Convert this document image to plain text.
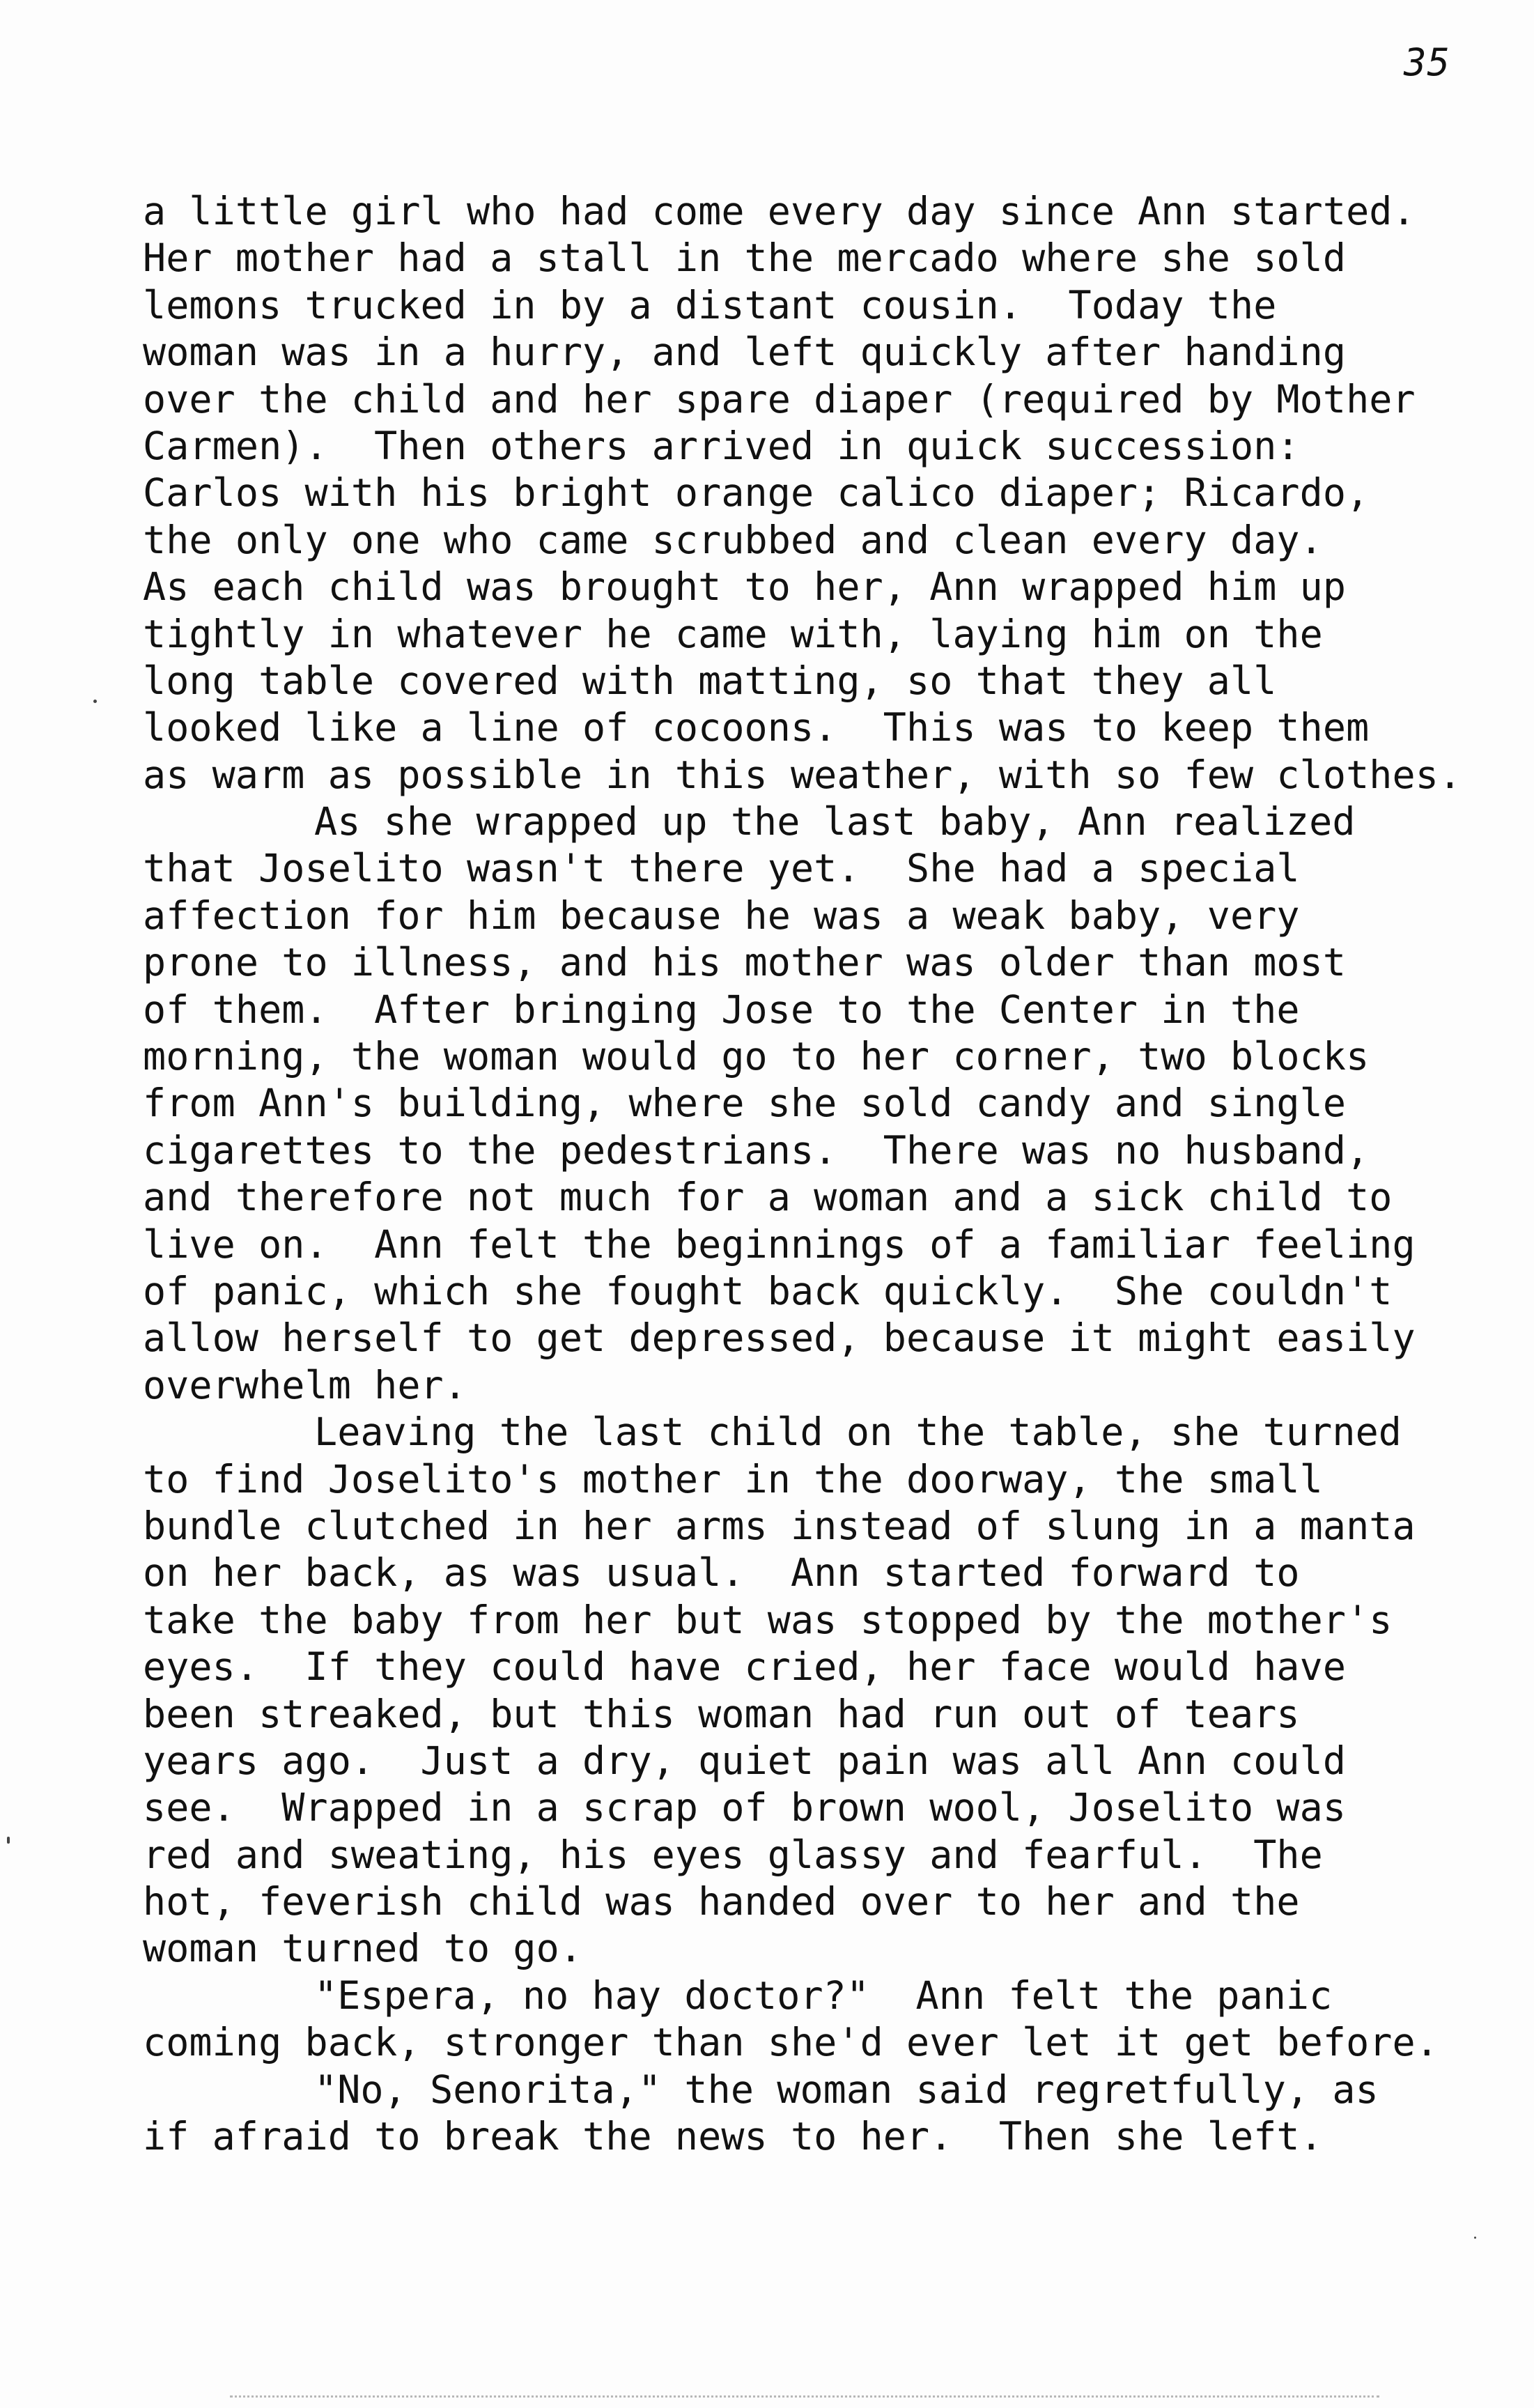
35
a little girl who had come every day since Ann started.
Her mother had a stall in the mercado where she sold
lemons trucked in by a distant cousin.  Today the
woman was in a hurry, and left quickly after handing
over the child and her spare diaper (required by Mother
Carmen).  Then others arrived in quick succession:
Carlos with his bright orange calico diaper; Ricardo,
the only one who came scrubbed and clean every day.
As each child was brought to her, Ann wrapped him up
tightly in whatever he came with, laying him on the
long table covered with matting, so that they all
looked like a line of cocoons.  This was to keep them
as warm as possible in this weather, with so few clothes.
As she wrapped up the last baby, Ann realized
that Joselito wasn't there yet.  She had a special
affection for him because he was a weak baby, very
prone to illness, and his mother was older than most
of them.  After bringing Jose to the Center in the
morning, the woman would go to her corner, two blocks
from Ann's building, where she sold candy and single
cigarettes to the pedestrians.  There was no husband,
and therefore not much for a woman and a sick child to
live on.  Ann felt the beginnings of a familiar feeling
of panic, which she fought back quickly.  She couldn't
allow herself to get depressed, because it might easily
overwhelm her.
Leaving the last child on the table, she turned
to find Joselito's mother in the doorway, the small
bundle clutched in her arms instead of slung in a manta
on her back, as was usual.  Ann started forward to
take the baby from her but was stopped by the mother's
eyes.  If they could have cried, her face would have
been streaked, but this woman had run out of tears
years ago.  Just a dry, quiet pain was all Ann could
see.  Wrapped in a scrap of brown wool, Joselito was
red and sweating, his eyes glassy and fearful.  The
hot, feverish child was handed over to her and the
woman turned to go.
"Espera, no hay doctor?"  Ann felt the panic
coming back, stronger than she'd ever let it get before.
"No, Senorita," the woman said regretfully, as
if afraid to break the news to her.  Then she left.
